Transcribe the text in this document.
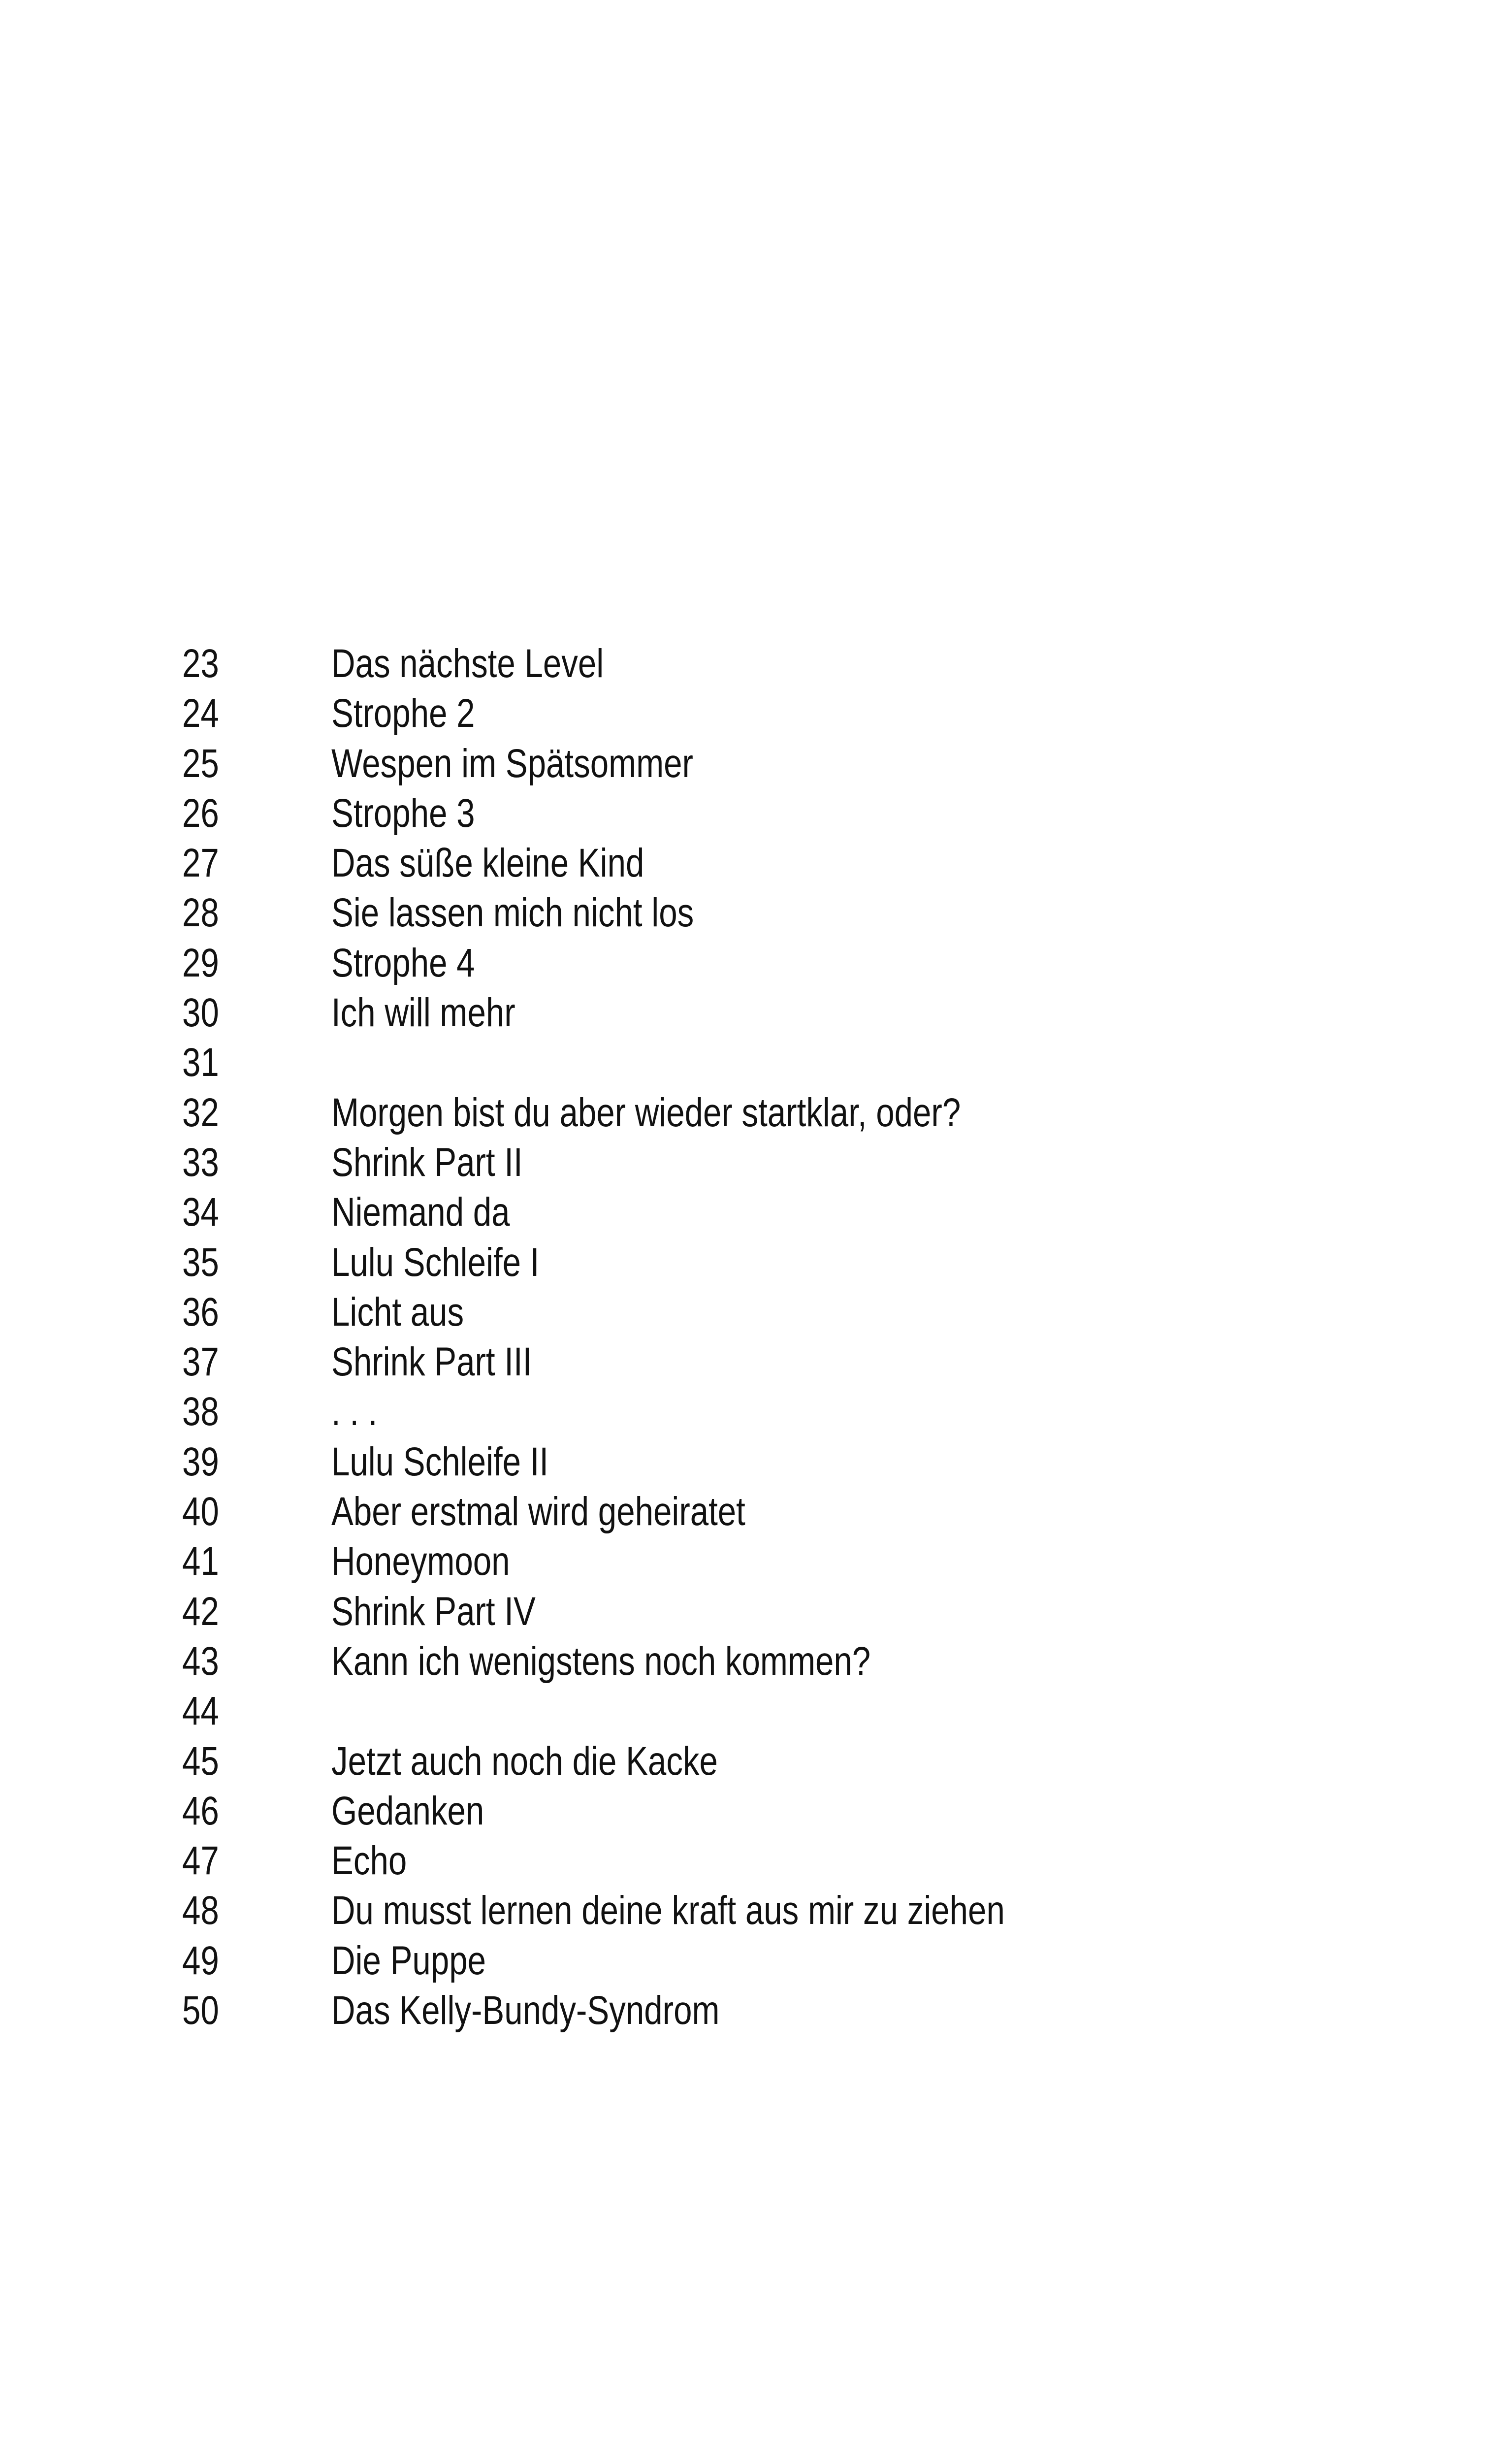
23	Das nächste Level
24	Strophe 2
25	Wespen im Spätsommer
26	Strophe 3
27	Das süße kleine Kind
28	Sie lassen mich nicht los
29	Strophe 4
30	Ich will mehr
31
32	Morgen bist du aber wieder startklar, oder?
33	Shrink Part II
34	Niemand da
35	Lulu Schleife I
36	Licht aus
37	Shrink Part III
38	. . .
39	Lulu Schleife II
40	Aber erstmal wird geheiratet
41	Honeymoon
42	Shrink Part IV
43	Kann ich wenigstens noch kommen?
44
45	Jetzt auch noch die Kacke
46	Gedanken
47	Echo
48	Du musst lernen deine kraft aus mir zu ziehen
49	Die Puppe
50	Das Kelly-Bundy-Syndrom
